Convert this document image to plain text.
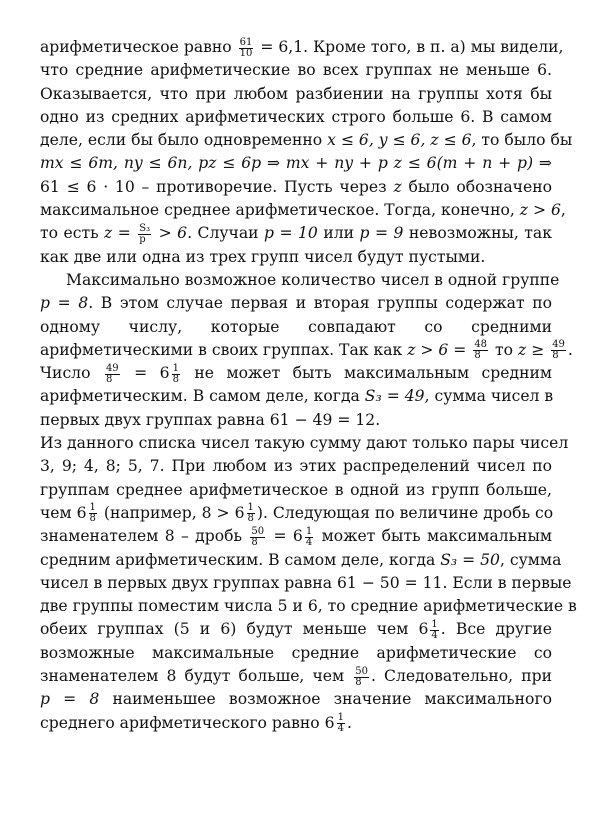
арифметическое равно $\frac{61}{10} = 6,1$. Кроме того, в п. а) мы видели,
что средние арифметические во всех группах не меньше 6.
Оказывается, что при любом разбиении на группы хотя бы
одно из средних арифметических строго больше 6. В самом
деле, если бы было одновременно x ≤ 6, y ≤ 6, z ≤ 6, то было бы
mx ≤ 6m, ny ≤ 6n, pz ≤ 6p ⇒ mx + ny + p z ≤ 6(m + n + p) ⇒
61 ≤ 6 · 10 – противоречие. Пусть через z было обозначено
максимальное среднее арифметическое. Тогда, конечно, z > 6,
то есть $z = \frac{\text{S₃}}{p} > 6$. Случаи p = 10 или p = 9 невозможны, так
как две или одна из трех групп чисел будут пустыми.
Максимально возможное количество чисел в одной группе
p = 8. В этом случае первая и вторая группы содержат по
одному числу, которые совпадают со средними
арифметическими в своих группах. Так как $z > 6 = \frac{48}{8}$ то $z \ge \frac{49}{8}$ .
Число $\frac{49}{8} = 6 \frac{1}{8}$ не может быть максимальным средним
арифметическим. В самом деле, когда S₃ = 49, сумма чисел в
первых двух группах равна 61 − 49 = 12.
Из данного списка чисел такую сумму дают только пары чисел
3, 9; 4, 8; 5, 7. При любом из этих распределений чисел по
группам среднее арифметическое в одной из групп больше,
чем $6 \frac{1}{8}$ (например, $8 > 6 \frac{1}{8}$ ). Следующая по величине дробь со
знаменателем 8 – дробь $\frac{50}{8} = 6 \frac{1}{4}$ может быть максимальным
средним арифметическим. В самом деле, когда S₃ = 50, сумма
чисел в первых двух группах равна 61 − 50 = 11. Если в первые
две группы поместим числа 5 и 6, то средние арифметические в
обеих группах (5 и 6) будут меньше чем $6 \frac{1}{4}$ . Все другие
возможные максимальные средние арифметические со
знаменателем 8 будут больше, чем $\frac{50}{8}$ . Следовательно, при
p = 8 наименьшее возможное значение максимального
среднего арифметического равно $6 \frac{1}{4}$ .
